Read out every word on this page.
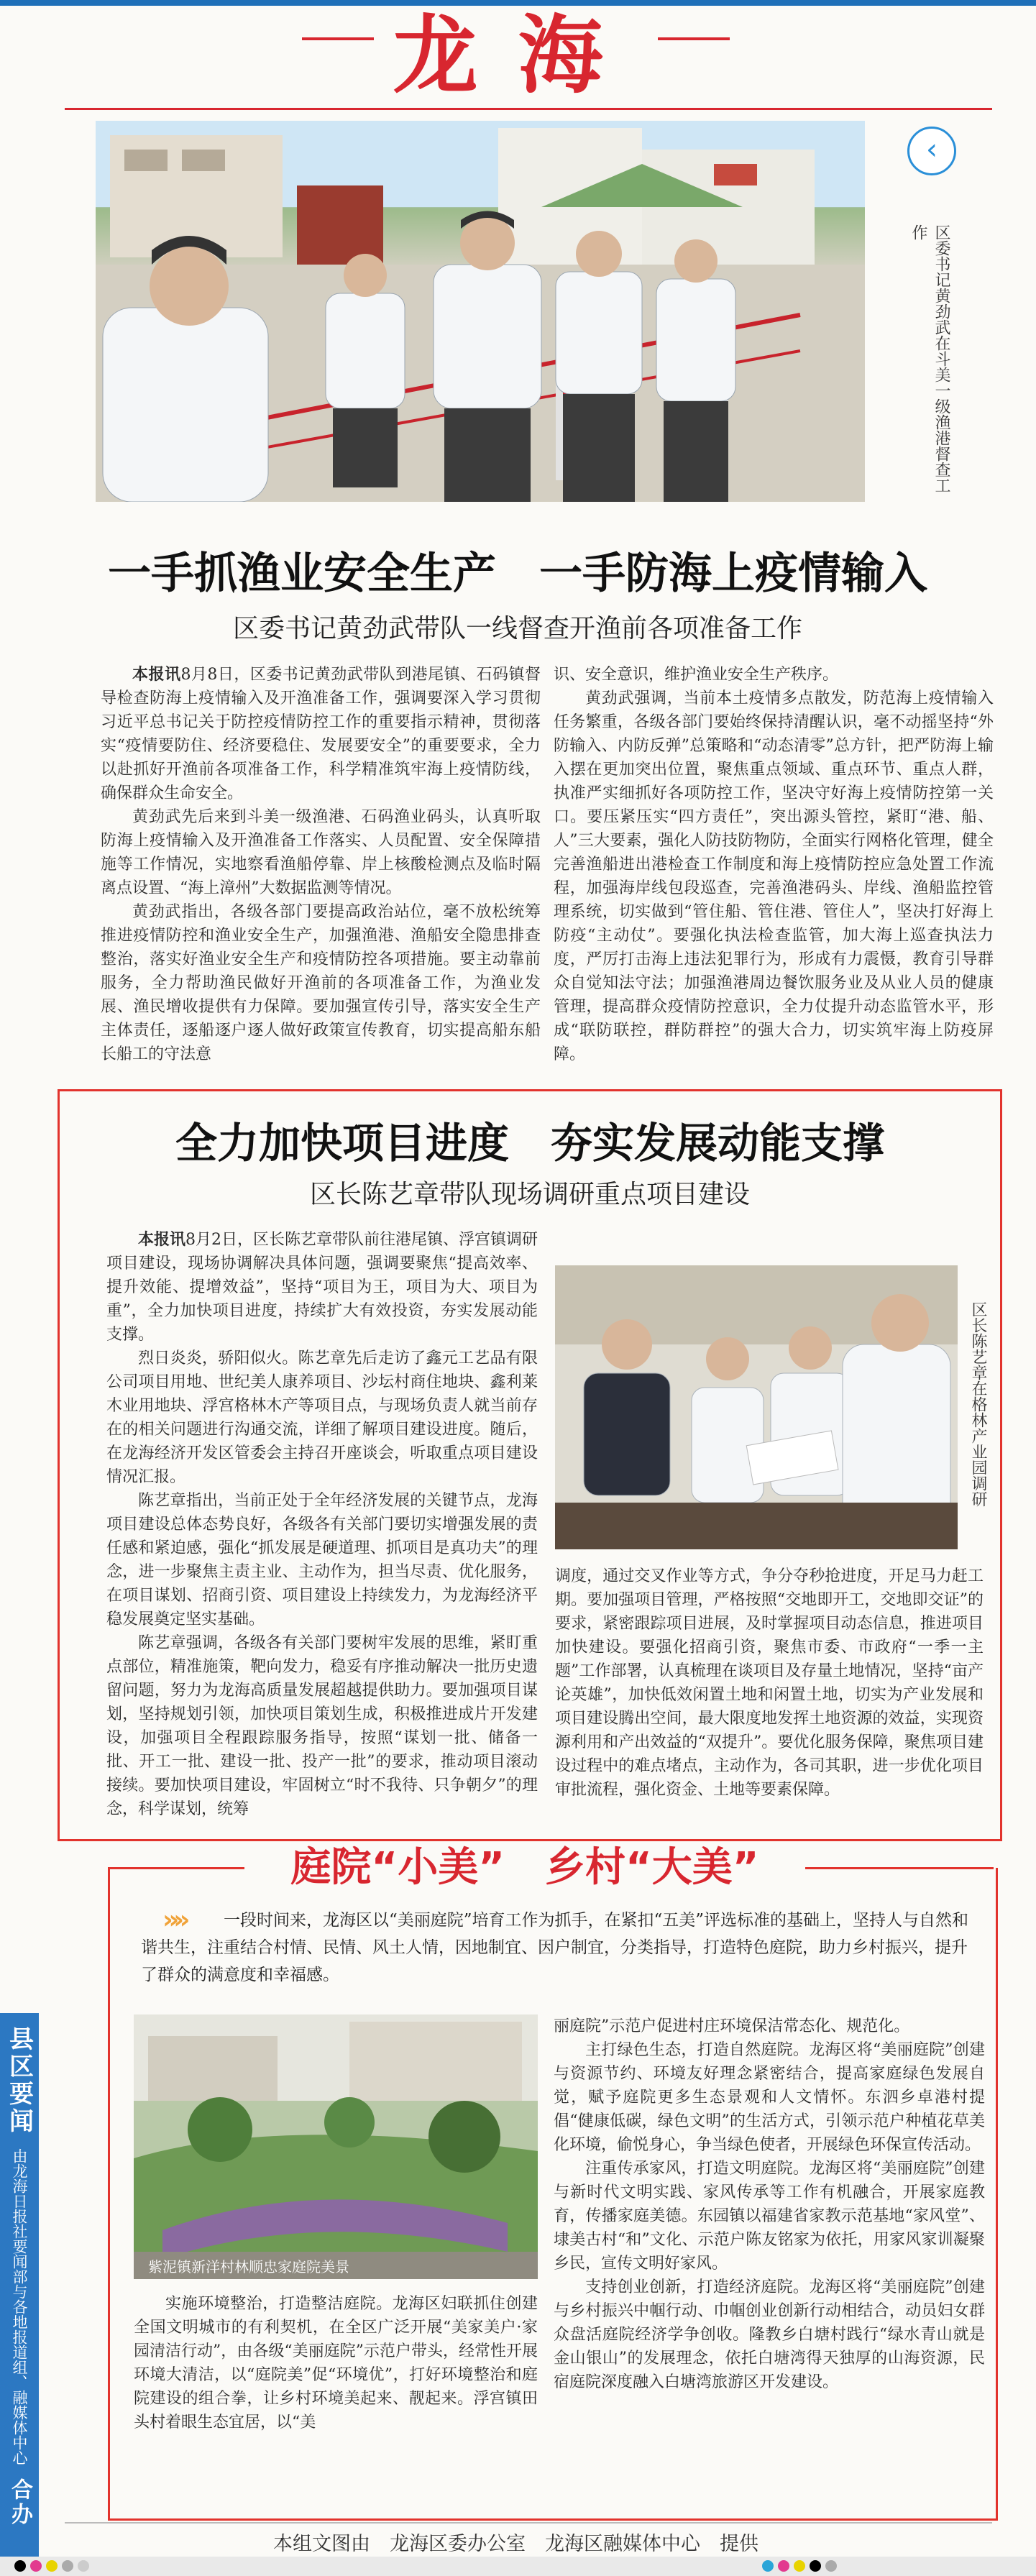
龙海
‹
区委书记黄劲武在斗美一级渔港督查工作
一手抓渔业安全生产　一手防海上疫情输入
区委书记黄劲武带队一线督查开渔前各项准备工作

本报讯8月8日，区委书记黄劲武带队到港尾镇、石码镇督导检查防海上疫情输入及开渔准备工作，强调要深入学习贯彻习近平总书记关于防控疫情防控工作的重要指示精神，贯彻落实“疫情要防住、经济要稳住、发展要安全”的重要要求，全力以赴抓好开渔前各项准备工作，科学精准筑牢海上疫情防线，确保群众生命安全。

黄劲武先后来到斗美一级渔港、石码渔业码头，认真听取防海上疫情输入及开渔准备工作落实、人员配置、安全保障措施等工作情况，实地察看渔船停靠、岸上核酸检测点及临时隔离点设置、“海上漳州”大数据监测等情况。

黄劲武指出，各级各部门要提高政治站位，毫不放松统筹推进疫情防控和渔业安全生产，加强渔港、渔船安全隐患排查整治，落实好渔业安全生产和疫情防控各项措施。要主动靠前服务，全力帮助渔民做好开渔前的各项准备工作，为渔业发展、渔民增收提供有力保障。要加强宣传引导，落实安全生产主体责任，逐船逐户逐人做好政策宣传教育，切实提高船东船长船工的守法意

识、安全意识，维护渔业安全生产秩序。

黄劲武强调，当前本土疫情多点散发，防范海上疫情输入任务繁重，各级各部门要始终保持清醒认识，毫不动摇坚持“外防输入、内防反弹”总策略和“动态清零”总方针，把严防海上输入摆在更加突出位置，聚焦重点领域、重点环节、重点人群，执准严实细抓好各项防控工作，坚决守好海上疫情防控第一关口。要压紧压实“四方责任”，突出源头管控，紧盯“港、船、人”三大要素，强化人防技防物防，全面实行网格化管理，健全完善渔船进出港检查工作制度和海上疫情防控应急处置工作流程，加强海岸线包段巡查，完善渔港码头、岸线、渔船监控管理系统，切实做到“管住船、管住港、管住人”，坚决打好海上防疫“主动仗”。要强化执法检查监管，加大海上巡查执法力度，严厉打击海上违法犯罪行为，形成有力震慑，教育引导群众自觉知法守法；加强渔港周边餐饮服务业及从业人员的健康管理，提高群众疫情防控意识，全力仗提升动态监管水平，形成“联防联控，群防群控”的强大合力，切实筑牢海上防疫屏障。

全力加快项目进度　夯实发展动能支撑
区长陈艺章带队现场调研重点项目建设

本报讯8月2日，区长陈艺章带队前往港尾镇、浮宫镇调研项目建设，现场协调解决具体问题，强调要聚焦“提高效率、提升效能、提增效益”，坚持“项目为王，项目为大、项目为重”，全力加快项目进度，持续扩大有效投资，夯实发展动能支撑。

烈日炎炎，骄阳似火。陈艺章先后走访了鑫元工艺品有限公司项目用地、世纪美人康养项目、沙坛村商住地块、鑫利莱木业用地块、浮宫格林木产等项目点，与现场负责人就当前存在的相关问题进行沟通交流，详细了解项目建设进度。随后，在龙海经济开发区管委会主持召开座谈会，听取重点项目建设情况汇报。

陈艺章指出，当前正处于全年经济发展的关键节点，龙海项目建设总体态势良好，各级各有关部门要切实增强发展的责任感和紧迫感，强化“抓发展是硬道理、抓项目是真功夫”的理念，进一步聚焦主责主业、主动作为，担当尽责、优化服务，在项目谋划、招商引资、项目建设上持续发力，为龙海经济平稳发展奠定坚实基础。

陈艺章强调，各级各有关部门要树牢发展的思维，紧盯重点部位，精准施策，靶向发力，稳妥有序推动解决一批历史遗留问题，努力为龙海高质量发展超越提供助力。要加强项目谋划，坚持规划引领，加快项目策划生成，积极推进成片开发建设，加强项目全程跟踪服务指导，按照“谋划一批、储备一批、开工一批、建设一批、投产一批”的要求，推动项目滚动接续。要加快项目建设，牢固树立“时不我待、只争朝夕”的理念，科学谋划，统筹

区长陈艺章在格林产业园调研

调度，通过交叉作业等方式，争分夺秒抢进度，开足马力赶工期。要加强项目管理，严格按照“交地即开工，交地即交证”的要求，紧密跟踪项目进展，及时掌握项目动态信息，推进项目加快建设。要强化招商引资，聚焦市委、市政府“一季一主题”工作部署，认真梳理在谈项目及存量土地情况，坚持“亩产论英雄”，加快低效闲置土地和闲置土地，切实为产业发展和项目建设腾出空间，最大限度地发挥土地资源的效益，实现资源利用和产出效益的“双提升”。要优化服务保障，聚焦项目建设过程中的难点堵点，主动作为，各司其职，进一步优化项目审批流程，强化资金、土地等要素保障。

庭院“小美”　乡村“大美”
»»	一段时间来，龙海区以“美丽庭院”培育工作为抓手，在紧扣“五美”评选标准的基础上，坚持人与自然和谐共生，注重结合村情、民情、风土人情，因地制宜、因户制宜，分类指导，打造特色庭院，助力乡村振兴，提升了群众的满意度和幸福感。
紫泥镇新洋村林顺忠家庭院美景

实施环境整治，打造整洁庭院。龙海区妇联抓住创建全国文明城市的有利契机，在全区广泛开展“美家美户·家园清洁行动”，由各级“美丽庭院”示范户带头，经常性开展环境大清洁，以“庭院美”促“环境优”，打好环境整治和庭院建设的组合拳，让乡村环境美起来、靓起来。浮宫镇田头村着眼生态宜居，以“美

丽庭院”示范户促进村庄环境保洁常态化、规范化。

主打绿色生态，打造自然庭院。龙海区将“美丽庭院”创建与资源节约、环境友好理念紧密结合，提高家庭绿色发展自觉，赋予庭院更多生态景观和人文情怀。东泗乡卓港村提倡“健康低碳，绿色文明”的生活方式，引领示范户种植花草美化环境，偷悦身心，争当绿色使者，开展绿色环保宣传活动。

注重传承家风，打造文明庭院。龙海区将“美丽庭院”创建与新时代文明实践、家风传承等工作有机融合，开展家庭教育，传播家庭美德。东园镇以福建省家教示范基地“家风堂”、埭美古村“和”文化、示范户陈友铭家为依托，用家风家训凝聚乡民，宣传文明好家风。

支持创业创新，打造经济庭院。龙海区将“美丽庭院”创建与乡村振兴中帼行动、巾帼创业创新行动相结合，动员妇女群众盘活庭院经济学争创收。隆教乡白塘村践行“绿水青山就是金山银山”的发展理念，依托白塘湾得天独厚的山海资源，民宿庭院深度融入白塘湾旅游区开发建设。

县区要闻
由龙海日报社要闻部与各地报道组、融媒体中心
合办
本组文图由　龙海区委办公室　龙海区融媒体中心　提供
